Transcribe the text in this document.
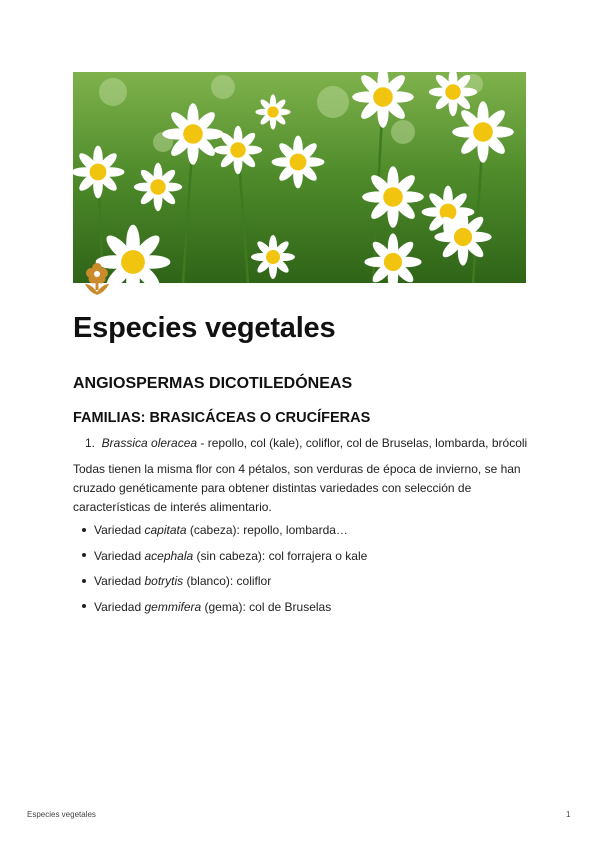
Especies vegetales
ANGIOSPERMAS DICOTILEDÓNEAS
FAMILIAS: BRASICÁCEAS O CRUCÍFERAS
1. Brassica oleracea - repollo, col (kale), coliflor, col de Bruselas, lombarda, brócoli

Todas tienen la misma flor con 4 pétalos, son verduras de época de invierno, se han cruzado genéticamente para obtener distintas variedades con selección de características de interés alimentario.

Variedad capitata (cabeza): repollo, lombarda…
Variedad acephala (sin cabeza): col forrajera o kale
Variedad botrytis (blanco): coliflor
Variedad gemmifera (gema): col de Bruselas
Especies vegetales	1
